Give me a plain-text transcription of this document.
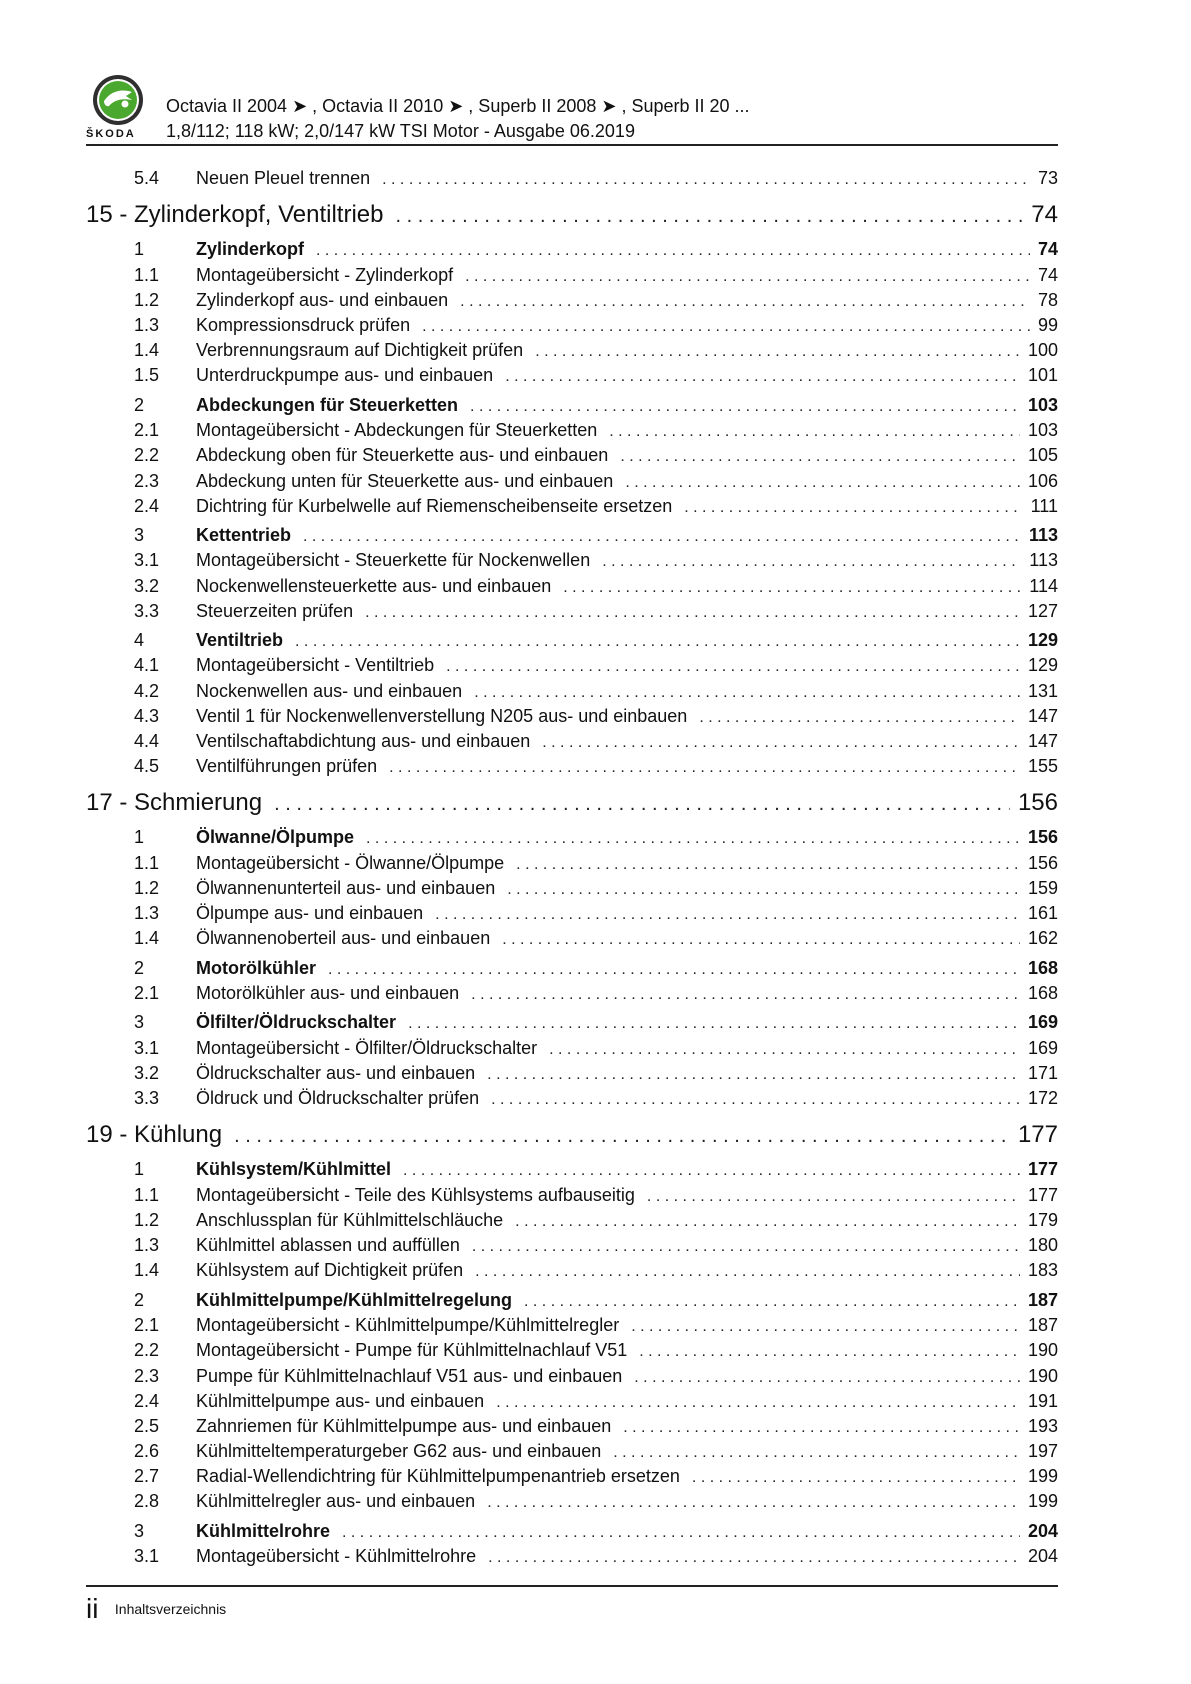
ŠKODA
Octavia II 2004 ➤ , Octavia II 2010 ➤ , Superb II 2008 ➤ , Superb II 20 ...
1,8/112; 118 kW; 2,0/147 kW TSI Motor - Ausgabe 06.2019
5.4	Neuen Pleuel trennen . . .	73
15 - Zylinderkopf, Ventiltrieb . . .	74
1	Zylinderkopf . . .	74
1.1	Montageübersicht - Zylinderkopf . . .	74
1.2	Zylinderkopf aus- und einbauen . . .	78
1.3	Kompressionsdruck prüfen . . .	99
1.4	Verbrennungsraum auf Dichtigkeit prüfen . . .	100
1.5	Unterdruckpumpe aus- und einbauen . . .	101
2	Abdeckungen für Steuerketten . . .	103
2.1	Montageübersicht - Abdeckungen für Steuerketten . . .	103
2.2	Abdeckung oben für Steuerkette aus- und einbauen . . .	105
2.3	Abdeckung unten für Steuerkette aus- und einbauen . . .	106
2.4	Dichtring für Kurbelwelle auf Riemenscheibenseite ersetzen . . .	111
3	Kettentrieb . . .	113
3.1	Montageübersicht - Steuerkette für Nockenwellen . . .	113
3.2	Nockenwellensteuerkette aus- und einbauen . . .	114
3.3	Steuerzeiten prüfen . . .	127
4	Ventiltrieb . . .	129
4.1	Montageübersicht - Ventiltrieb . . .	129
4.2	Nockenwellen aus- und einbauen . . .	131
4.3	Ventil 1 für Nockenwellenverstellung N205 aus- und einbauen . . .	147
4.4	Ventilschaftabdichtung aus- und einbauen . . .	147
4.5	Ventilführungen prüfen . . .	155
17 - Schmierung . . .	156
1	Ölwanne/Ölpumpe . . .	156
1.1	Montageübersicht - Ölwanne/Ölpumpe . . .	156
1.2	Ölwannenunterteil aus- und einbauen . . .	159
1.3	Ölpumpe aus- und einbauen . . .	161
1.4	Ölwannenoberteil aus- und einbauen . . .	162
2	Motorölkühler . . .	168
2.1	Motorölkühler aus- und einbauen . . .	168
3	Ölfilter/Öldruckschalter . . .	169
3.1	Montageübersicht - Ölfilter/Öldruckschalter . . .	169
3.2	Öldruckschalter aus- und einbauen . . .	171
3.3	Öldruck und Öldruckschalter prüfen . . .	172
19 - Kühlung . . .	177
1	Kühlsystem/Kühlmittel . . .	177
1.1	Montageübersicht - Teile des Kühlsystems aufbauseitig . . .	177
1.2	Anschlussplan für Kühlmittelschläuche . . .	179
1.3	Kühlmittel ablassen und auffüllen . . .	180
1.4	Kühlsystem auf Dichtigkeit prüfen . . .	183
2	Kühlmittelpumpe/Kühlmittelregelung . . .	187
2.1	Montageübersicht - Kühlmittelpumpe/Kühlmittelregler . . .	187
2.2	Montageübersicht - Pumpe für Kühlmittelnachlauf V51 . . .	190
2.3	Pumpe für Kühlmittelnachlauf V51 aus- und einbauen . . .	190
2.4	Kühlmittelpumpe aus- und einbauen . . .	191
2.5	Zahnriemen für Kühlmittelpumpe aus- und einbauen . . .	193
2.6	Kühlmitteltemperaturgeber G62 aus- und einbauen . . .	197
2.7	Radial-Wellendichtring für Kühlmittelpumpenantrieb ersetzen . . .	199
2.8	Kühlmittelregler aus- und einbauen . . .	199
3	Kühlmittelrohre . . .	204
3.1	Montageübersicht - Kühlmittelrohre . . .	204
ii Inhaltsverzeichnis
